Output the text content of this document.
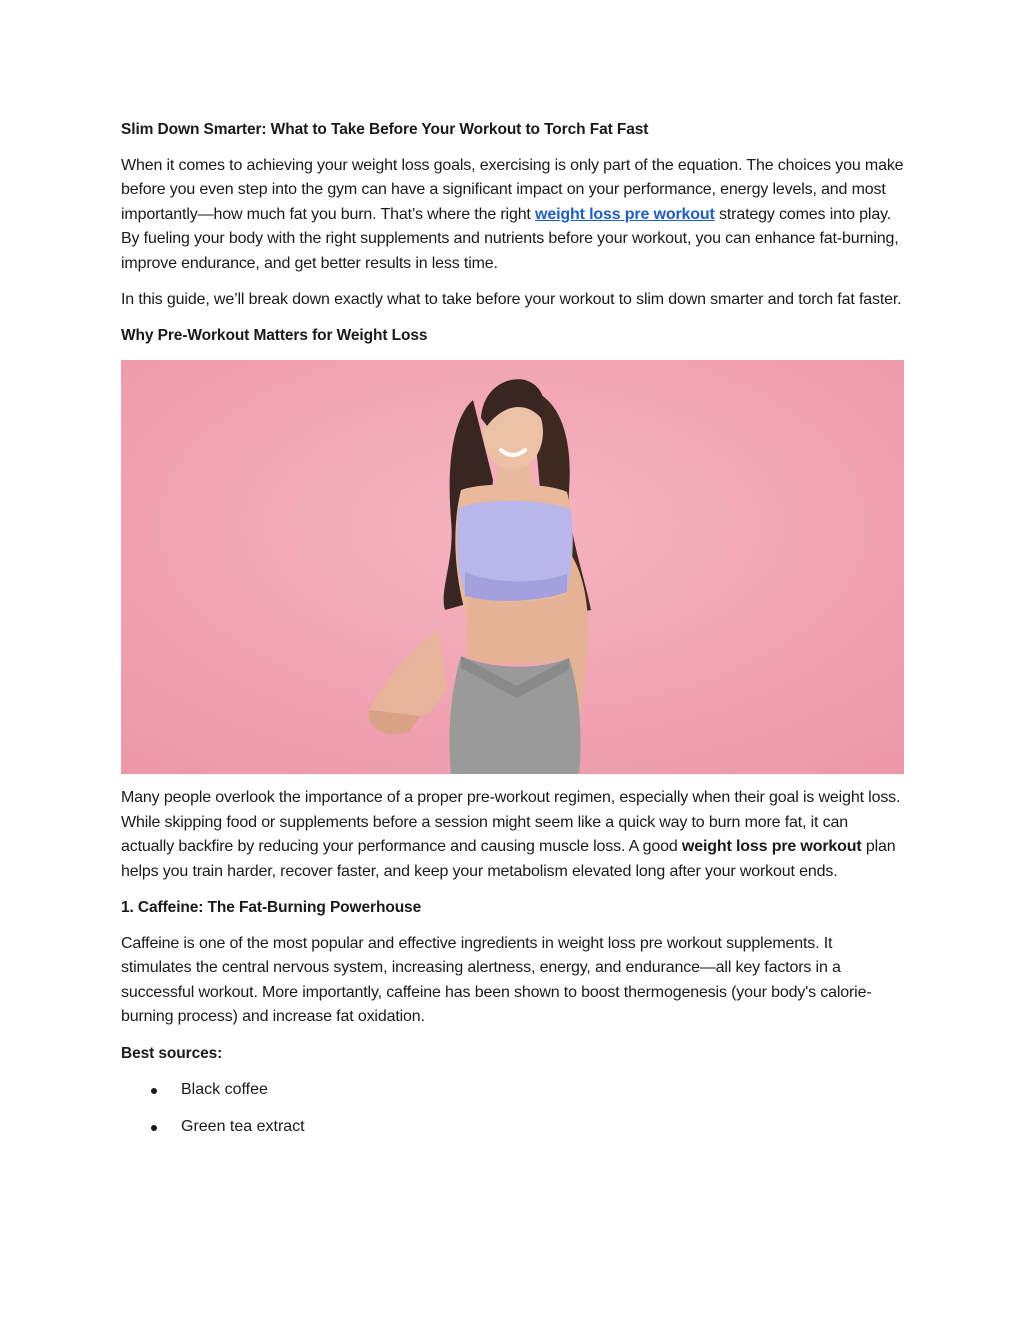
Slim Down Smarter: What to Take Before Your Workout to Torch Fat Fast

When it comes to achieving your weight loss goals, exercising is only part of the equation. The choices you make before you even step into the gym can have a significant impact on your performance, energy levels, and most importantly—how much fat you burn. That’s where the right weight loss pre workout strategy comes into play. By fueling your body with the right supplements and nutrients before your workout, you can enhance fat-burning, improve endurance, and get better results in less time.

In this guide, we’ll break down exactly what to take before your workout to slim down smarter and torch fat faster.

Why Pre-Workout Matters for Weight Loss

Many people overlook the importance of a proper pre-workout regimen, especially when their goal is weight loss. While skipping food or supplements before a session might seem like a quick way to burn more fat, it can actually backfire by reducing your performance and causing muscle loss. A good weight loss pre workout plan helps you train harder, recover faster, and keep your metabolism elevated long after your workout ends.

1. Caffeine: The Fat-Burning Powerhouse

Caffeine is one of the most popular and effective ingredients in weight loss pre workout supplements. It stimulates the central nervous system, increasing alertness, energy, and endurance—all key factors in a successful workout. More importantly, caffeine has been shown to boost thermogenesis (your body's calorie-burning process) and increase fat oxidation.

Best sources:
Black coffee
Green tea extract
